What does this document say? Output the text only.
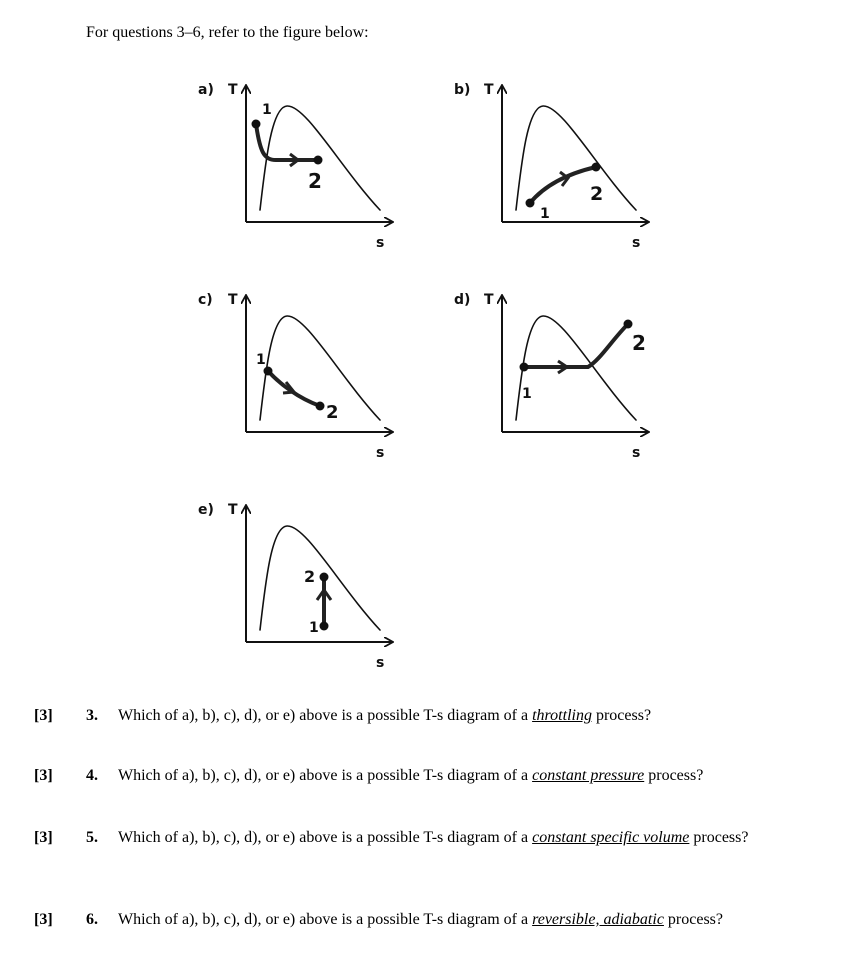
For questions 3–6, refer to the figure below:
a) T
s
1
2
b) T
s
1
2
c) T
s
1
2
d) T
s
1
2
e) T
s
1
2
[3] 3. Which of a), b), c), d), or e) above is a possible T-s diagram of a throttling process?
[3] 4. Which of a), b), c), d), or e) above is a possible T-s diagram of a constant pressure process?
[3] 5. Which of a), b), c), d), or e) above is a possible T-s diagram of a constant specific volume process?
[3] 6. Which of a), b), c), d), or e) above is a possible T-s diagram of a reversible, adiabatic process?
